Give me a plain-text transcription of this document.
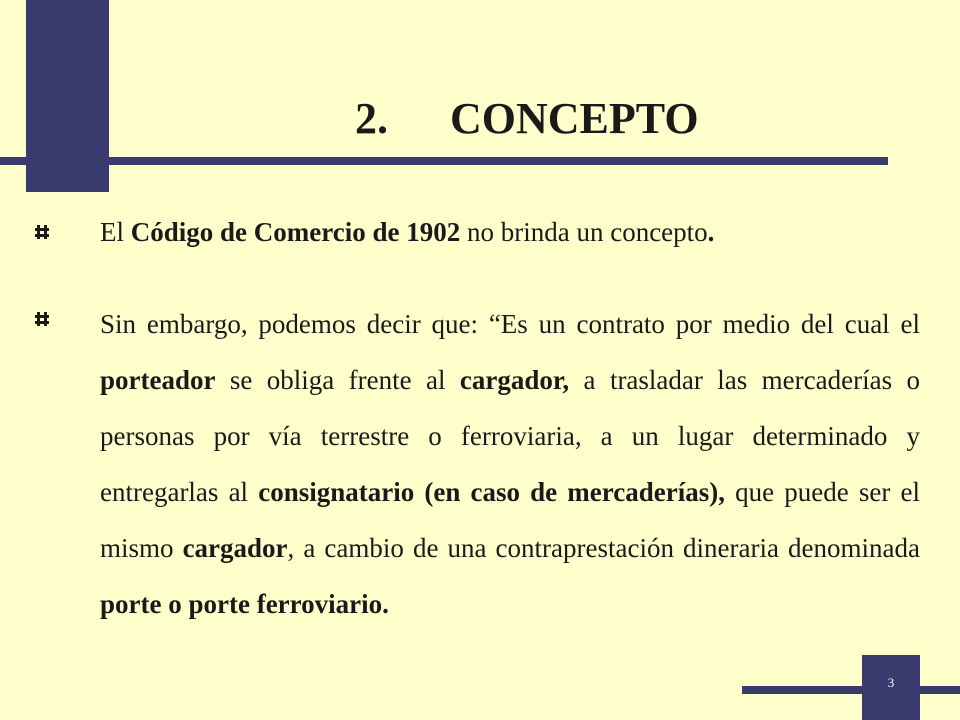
2.	CONCEPTO
El Código de Comercio de 1902 no brinda un concepto.
Sin embargo, podemos decir que: “Es un contrato por medio del cual el porteador se obliga frente al cargador, a trasladar las mercaderías o personas por vía terrestre o ferroviaria, a un lugar determinado y entregarlas al consignatario (en caso de mercaderías), que puede ser el mismo cargador, a cambio de una contraprestación dineraria denominada porte o porte ferroviario.
3
